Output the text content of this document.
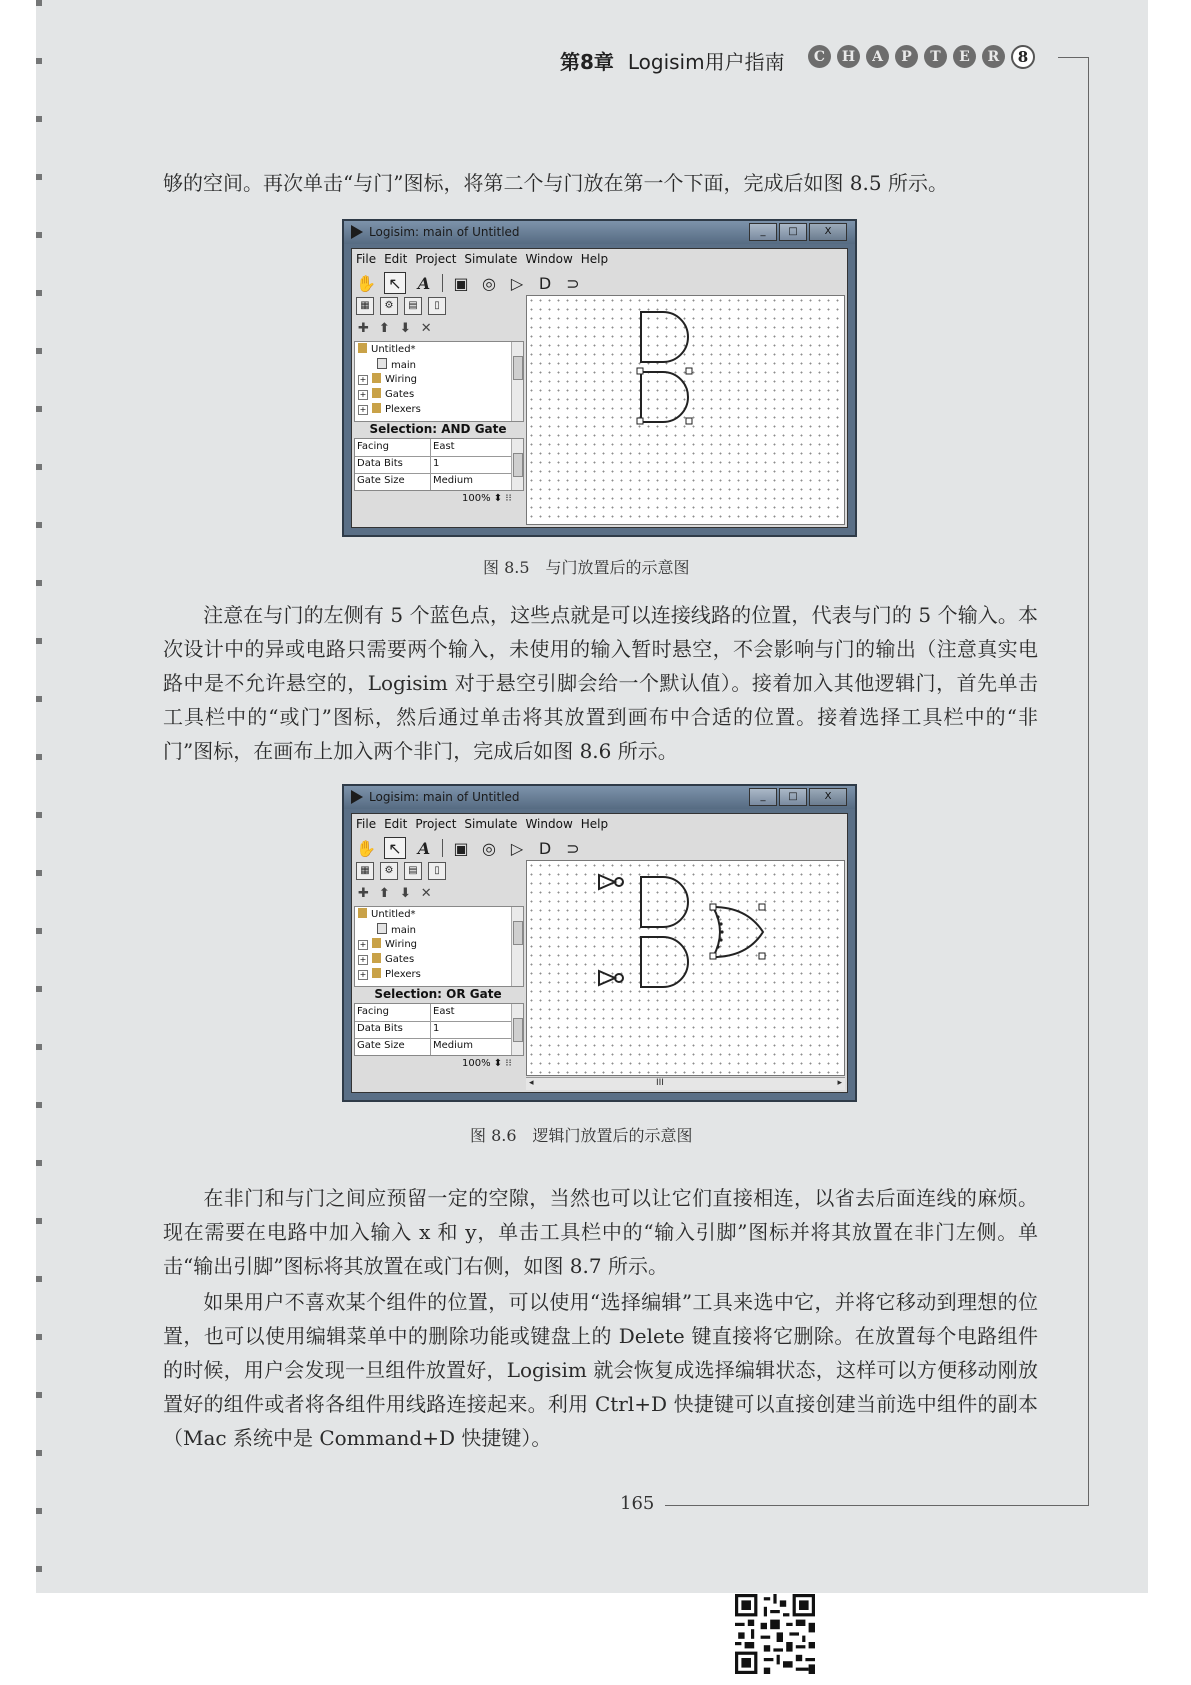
第8章 Logisim用户指南	C	H	A	P	T	E	R	8
够的空间。再次单击“与门”图标，将第二个与门放在第一个下面，完成后如图 8.5 所示。
Logisim: main of Untitled	_	□	X
File Edit Project Simulate Window Help
✋ ↖ A ▣ ◎ ▷ D ⊃
▦	⚙	▤	▯
✚ ⬆ ⬇ ✕
Untitled*
main
+ Wiring
+ Gates
+ Plexers
Selection: AND Gate
Facing	East
Data Bits	1
Gate Size	Medium
100% ⬍ ⁝⁝
图 8.5　与门放置后的示意图
注意在与门的左侧有 5 个蓝色点，这些点就是可以连接线路的位置，代表与门的 5 个输入。本次设计中的异或电路只需要两个输入，未使用的输入暂时悬空，不会影响与门的输出（注意真实电路中是不允许悬空的，Logisim 对于悬空引脚会给一个默认值）。接着加入其他逻辑门，首先单击工具栏中的“或门”图标，然后通过单击将其放置到画布中合适的位置。接着选择工具栏中的“非门”图标，在画布上加入两个非门，完成后如图 8.6 所示。
Logisim: main of Untitled	_	□	X
File Edit Project Simulate Window Help
✋ ↖ A ▣ ◎ ▷ D ⊃
▦	⚙	▤	▯
✚ ⬆ ⬇ ✕
Untitled*
main
+ Wiring
+ Gates
+ Plexers
Selection: OR Gate
Facing	East
Data Bits	1
Gate Size	Medium
100% ⬍ ⁝⁝
◂	III	▸
图 8.6　逻辑门放置后的示意图
在非门和与门之间应预留一定的空隙，当然也可以让它们直接相连，以省去后面连线的麻烦。现在需要在电路中加入输入 x 和 y，单击工具栏中的“输入引脚”图标并将其放置在非门左侧。单击“输出引脚”图标将其放置在或门右侧，如图 8.7 所示。
如果用户不喜欢某个组件的位置，可以使用“选择编辑”工具来选中它，并将它移动到理想的位置，也可以使用编辑菜单中的删除功能或键盘上的 Delete 键直接将它删除。在放置每个电路组件的时候，用户会发现一旦组件放置好，Logisim 就会恢复成选择编辑状态，这样可以方便移动刚放置好的组件或者将各组件用线路连接起来。利用 Ctrl+D 快捷键可以直接创建当前选中组件的副本（Mac 系统中是 Command+D 快捷键）。
165
